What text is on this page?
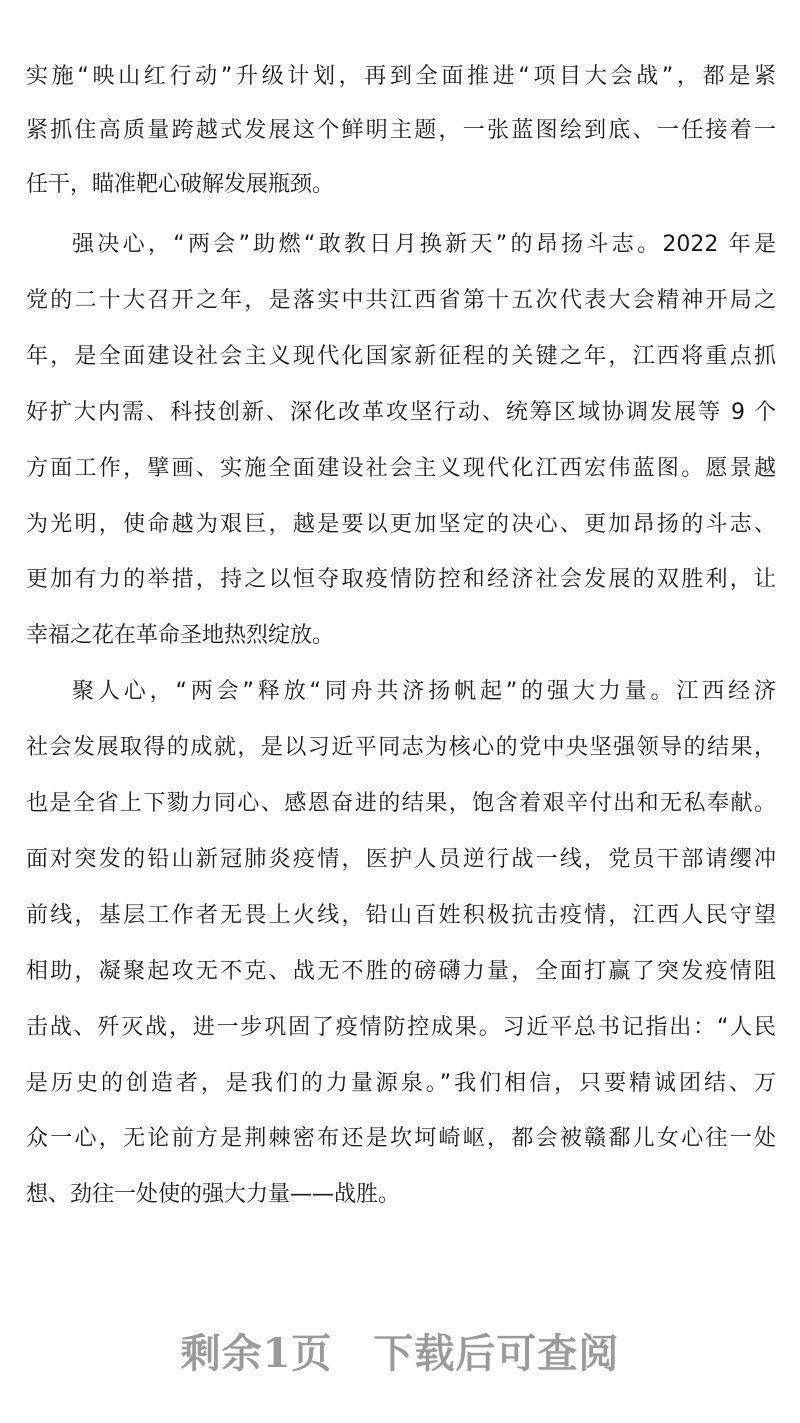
实施“映山红行动”升级计划，再到全面推进“项目大会战”，都是紧
紧抓住高质量跨越式发展这个鲜明主题，一张蓝图绘到底、一任接着一
任干，瞄准靶心破解发展瓶颈。
强决心，“两会”助燃“敢教日月换新天”的昂扬斗志。2022 年是
党的二十大召开之年，是落实中共江西省第十五次代表大会精神开局之
年，是全面建设社会主义现代化国家新征程的关键之年，江西将重点抓
好扩大内需、科技创新、深化改革攻坚行动、统筹区域协调发展等 9 个
方面工作，擘画、实施全面建设社会主义现代化江西宏伟蓝图。愿景越
为光明，使命越为艰巨，越是要以更加坚定的决心、更加昂扬的斗志、
更加有力的举措，持之以恒夺取疫情防控和经济社会发展的双胜利，让
幸福之花在革命圣地热烈绽放。
聚人心，“两会”释放“同舟共济扬帆起”的强大力量。江西经济
社会发展取得的成就，是以习近平同志为核心的党中央坚强领导的结果，
也是全省上下勠力同心、感恩奋进的结果，饱含着艰辛付出和无私奉献。
面对突发的铅山新冠肺炎疫情，医护人员逆行战一线，党员干部请缨冲
前线，基层工作者无畏上火线，铅山百姓积极抗击疫情，江西人民守望
相助，凝聚起攻无不克、战无不胜的磅礴力量，全面打赢了突发疫情阻
击战、歼灭战，进一步巩固了疫情防控成果。习近平总书记指出：“人民
是历史的创造者，是我们的力量源泉。”我们相信，只要精诚团结、万
众一心，无论前方是荆棘密布还是坎坷崎岖，都会被赣鄱儿女心往一处
想、劲往一处使的强大力量——战胜。
剩余1页　下载后可查阅
